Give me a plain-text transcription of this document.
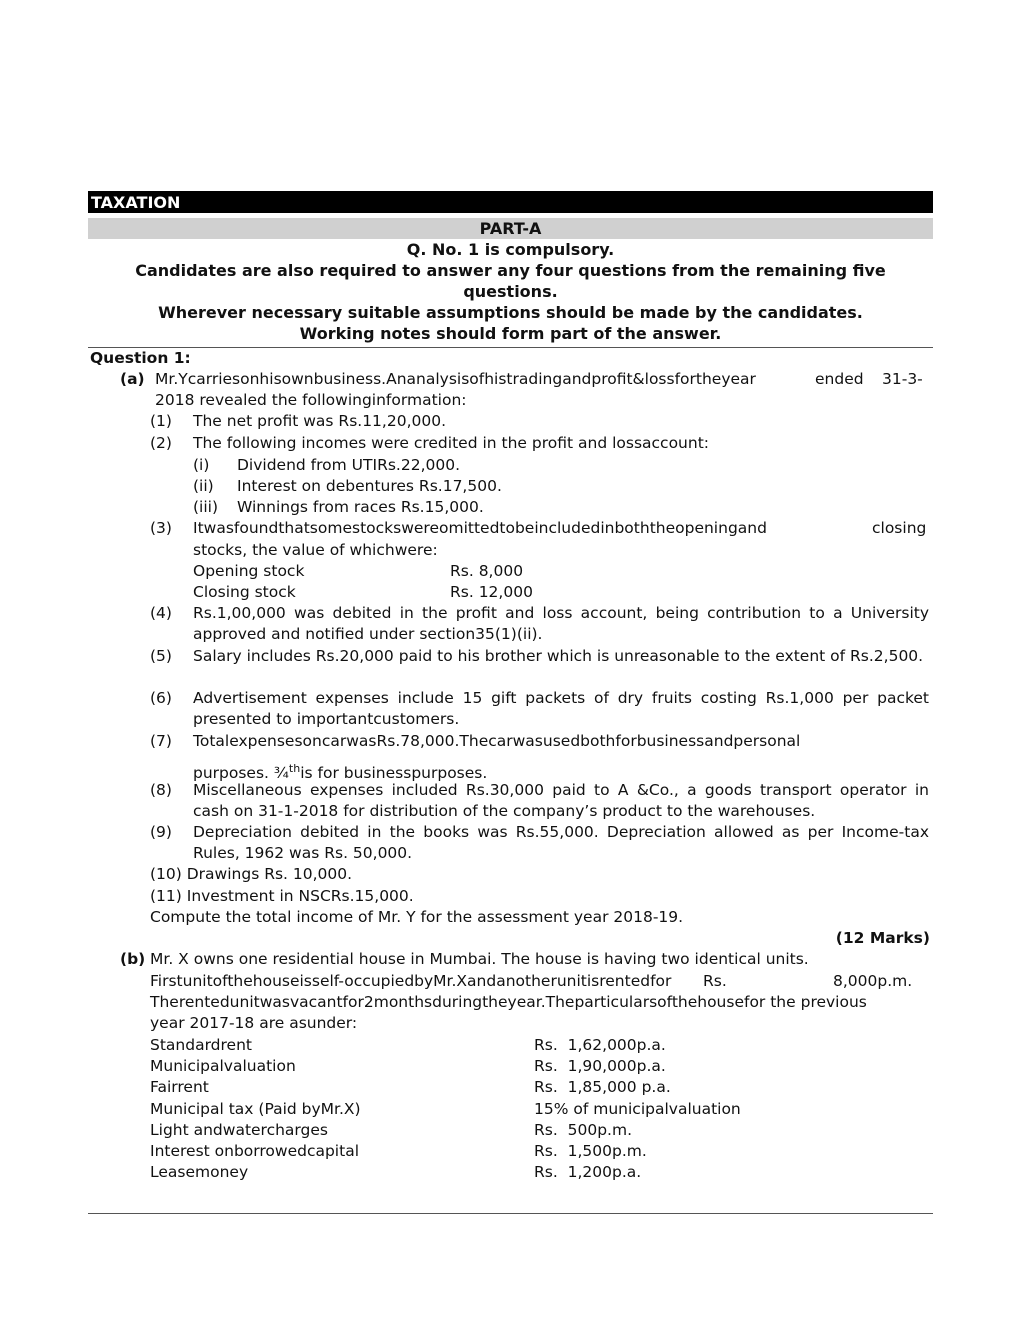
TAXATION
PART-A
Q. No. 1 is compulsory.
Candidates are also required to answer any four questions from the remaining five
questions.
Wherever necessary suitable assumptions should be made by the candidates.
Working notes should form part of the answer.
Question 1:
(a) Mr.Ycarriesonhisownbusiness.Ananalysisofhistradingandprofit&lossfortheyear	ended 31-3-
2018 revealed the followinginformation:
(1) The net profit was Rs.11,20,000.
(2) The following incomes were credited in the profit and lossaccount:
(i) Dividend from UTIRs.22,000.
(ii) Interest on debentures Rs.17,500.
(iii) Winnings from races Rs.15,000.
(3) Itwasfoundthatsomestockswereomittedtobeincludedinboththeopeningand	closing
stocks, the value of whichwere:
Opening stock	Rs. 8,000
Closing stock	Rs. 12,000
(4) Rs.1,00,000 was debited in the profit and loss account, being contribution to a University approved and notified under section35(1)(ii).
(5) Salary includes Rs.20,000 paid to his brother which is unreasonable to the extent of Rs.2,500.
(6) Advertisement expenses include 15 gift packets of dry fruits costing Rs.1,000 per packet presented to importantcustomers.
(7) TotalexpensesoncarwasRs.78,000.Thecarwasusedbothforbusinessandpersonal
purposes. ¾$^{th}$is for businesspurposes.
(8) Miscellaneous expenses included Rs.30,000 paid to A &Co., a goods transport operator in cash on 31-1-2018 for distribution of the company’s product to the warehouses.
(9) Depreciation debited in the books was Rs.55,000. Depreciation allowed as per Income-tax Rules, 1962 was Rs. 50,000.
(10) Drawings Rs. 10,000.
(11) Investment in NSCRs.15,000.
Compute the total income of Mr. Y for the assessment year 2018-19.
(12 Marks)
(b) Mr. X owns one residential house in Mumbai. The house is having two identical units.
Firstunitofthehouseisself-occupiedbyMr.Xandanotherunitisrentedfor Rs.	8,000p.m.
Therentedunitwasvacantfor2monthsduringtheyear.Theparticularsofthehousefor the previous
year 2017-18 are asunder:
Standardrent	Rs.  1,62,000p.a.
Municipalvaluation	Rs.  1,90,000p.a.
Fairrent	Rs.  1,85,000 p.a.
Municipal tax (Paid byMr.X)	15% of municipalvaluation
Light andwatercharges	Rs.  500p.m.
Interest onborrowedcapital	Rs.  1,500p.m.
Leasemoney	Rs.  1,200p.a.
